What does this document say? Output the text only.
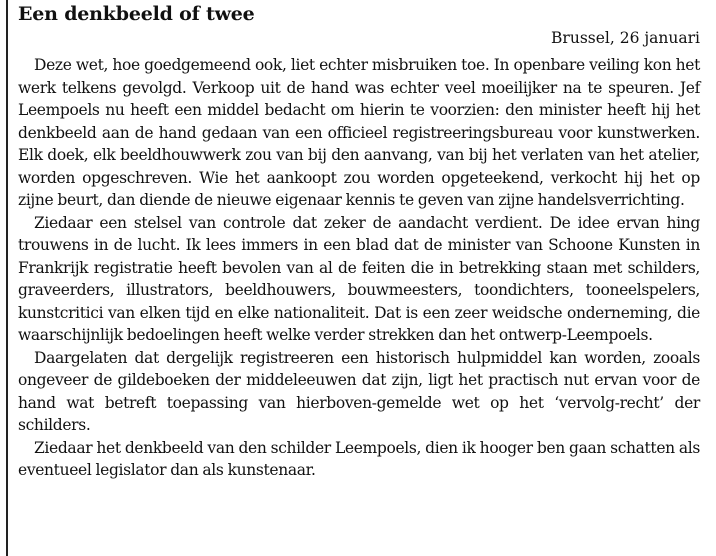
Een denkbeeld of twee
Brussel, 26 januari

Deze wet, hoe goedgemeend ook, liet echter misbruiken toe. In openbare veiling kon het werk telkens gevolgd. Verkoop uit de hand was echter veel moeilijker na te speuren. Jef Leempoels nu heeft een middel bedacht om hierin te voorzien: den minister heeft hij het denkbeeld aan de hand gedaan van een officieel registreeringsbureau voor kunstwerken. Elk doek, elk beeldhouwwerk zou van bij den aanvang, van bij het verlaten van het atelier, worden opgeschreven. Wie het aankoopt zou worden opgeteekend, verkocht hij het op zijne beurt, dan diende de nieuwe eigenaar kennis te geven van zijne handelsverrichting.

Ziedaar een stelsel van controle dat zeker de aandacht verdient. De idee ervan hing trouwens in de lucht. Ik lees immers in een blad dat de minister van Schoone Kunsten in Frankrijk registratie heeft bevolen van al de feiten die in betrekking staan met schilders, graveerders, illustrators, beeldhouwers, bouwmeesters, toondichters, tooneelspelers, kunstcritici van elken tijd en elke nationaliteit. Dat is een zeer weidsche onderneming, die waarschijnlijk bedoelingen heeft welke verder strekken dan het ontwerp-Leempoels.

Daargelaten dat dergelijk registreeren een historisch hulpmiddel kan worden, zooals ongeveer de gildeboeken der middeleeuwen dat zijn, ligt het practisch nut ervan voor de hand wat betreft toepassing van hierboven-gemelde wet op het ‘vervolg-recht’ der schilders.

Ziedaar het denkbeeld van den schilder Leempoels, dien ik hooger ben gaan schatten als eventueel legislator dan als kunstenaar.
